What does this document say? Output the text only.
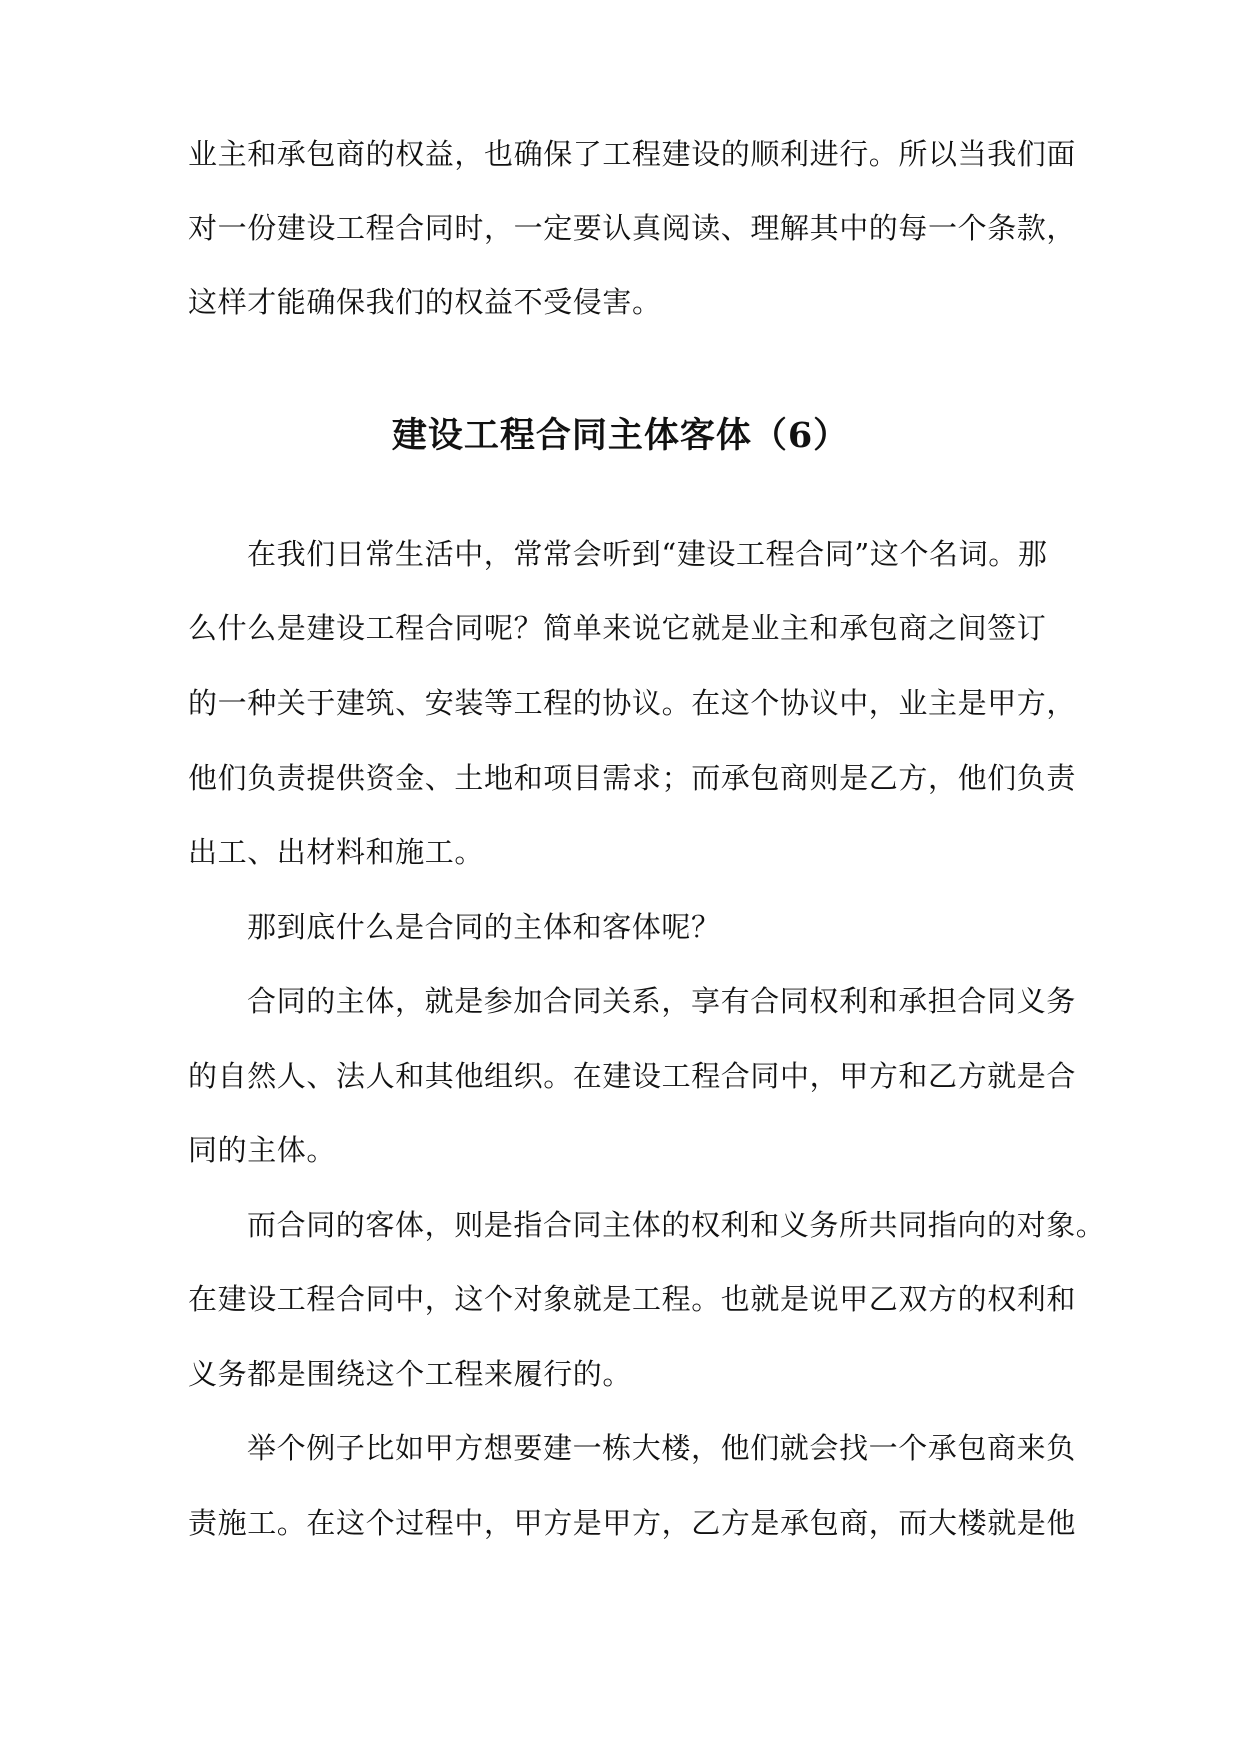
业主和承包商的权益，也确保了工程建设的顺利进行。所以当我们面
对一份建设工程合同时，一定要认真阅读、理解其中的每一个条款，
这样才能确保我们的权益不受侵害。
建设工程合同主体客体（6）
在我们日常生活中，常常会听到“建设工程合同”这个名词。那
么什么是建设工程合同呢？简单来说它就是业主和承包商之间签订
的一种关于建筑、安装等工程的协议。在这个协议中，业主是甲方，
他们负责提供资金、土地和项目需求；而承包商则是乙方，他们负责
出工、出材料和施工。
那到底什么是合同的主体和客体呢？
合同的主体，就是参加合同关系，享有合同权利和承担合同义务
的自然人、法人和其他组织。在建设工程合同中，甲方和乙方就是合
同的主体。
而合同的客体，则是指合同主体的权利和义务所共同指向的对象。
在建设工程合同中，这个对象就是工程。也就是说甲乙双方的权利和
义务都是围绕这个工程来履行的。
举个例子比如甲方想要建一栋大楼，他们就会找一个承包商来负
责施工。在这个过程中，甲方是甲方，乙方是承包商，而大楼就是他
